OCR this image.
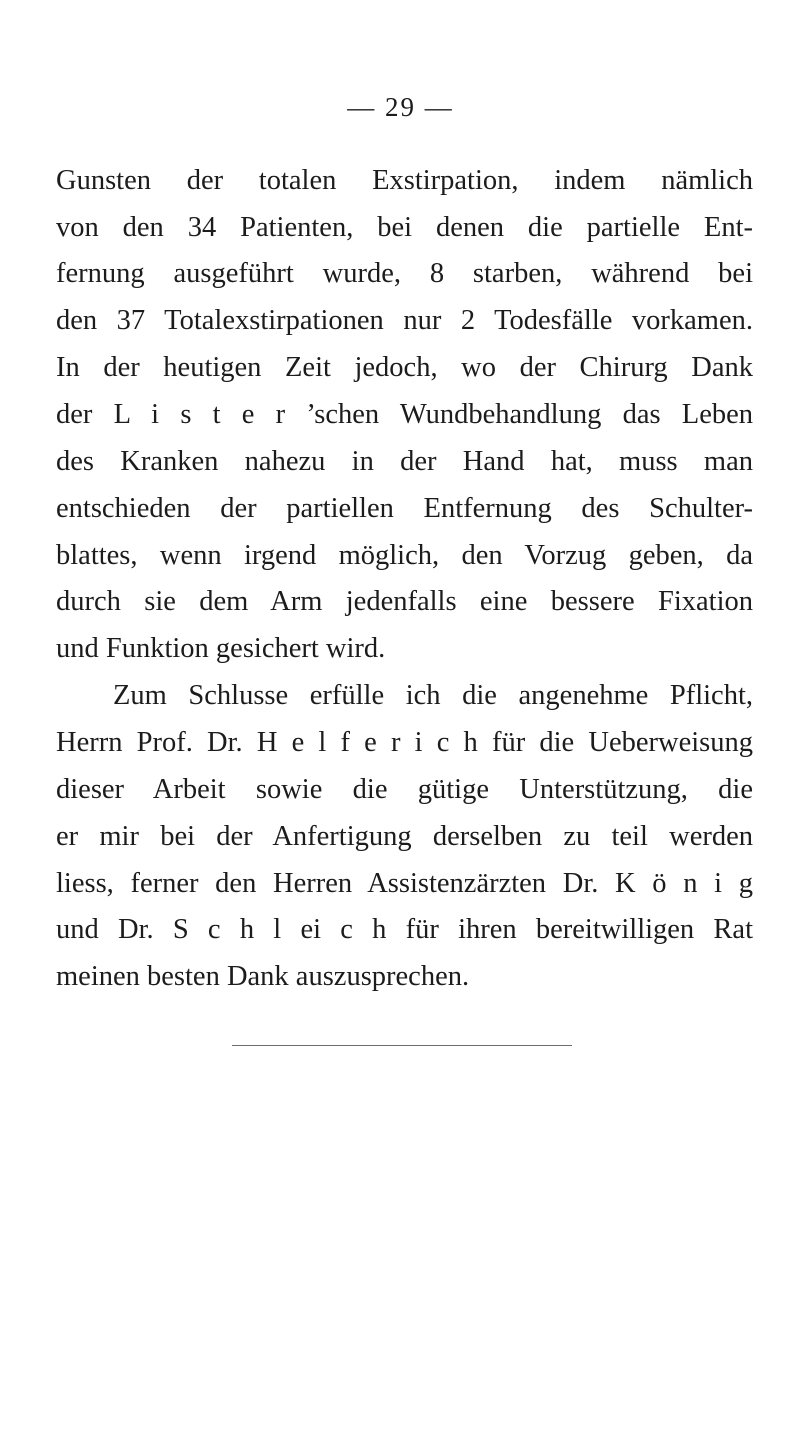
— 29 —
Gunsten der totalen Exstirpation, indem nämlich
von den 34 Patienten, bei denen die partielle Ent-
fernung ausgeführt wurde, 8 starben, während bei
den 37 Totalexstirpationen nur 2 Todesfälle vorkamen.
In der heutigen Zeit jedoch, wo der Chirurg Dank
der L i s t e r ’schen Wundbehandlung das Leben
des Kranken nahezu in der Hand hat, muss man
entschieden der partiellen Entfernung des Schulter-
blattes, wenn irgend möglich, den Vorzug geben, da
durch sie dem Arm jedenfalls eine bessere Fixation
und Funktion gesichert wird.
Zum Schlusse erfülle ich die angenehme Pflicht,
Herrn Prof. Dr. H e l f e r i c h für die Ueberweisung
dieser Arbeit sowie die gütige Unterstützung, die
er mir bei der Anfertigung derselben zu teil werden
liess, ferner den Herren Assistenzärzten Dr. K ö n i g
und Dr. S c h l ei c h für ihren bereitwilligen Rat
meinen besten Dank auszusprechen.
